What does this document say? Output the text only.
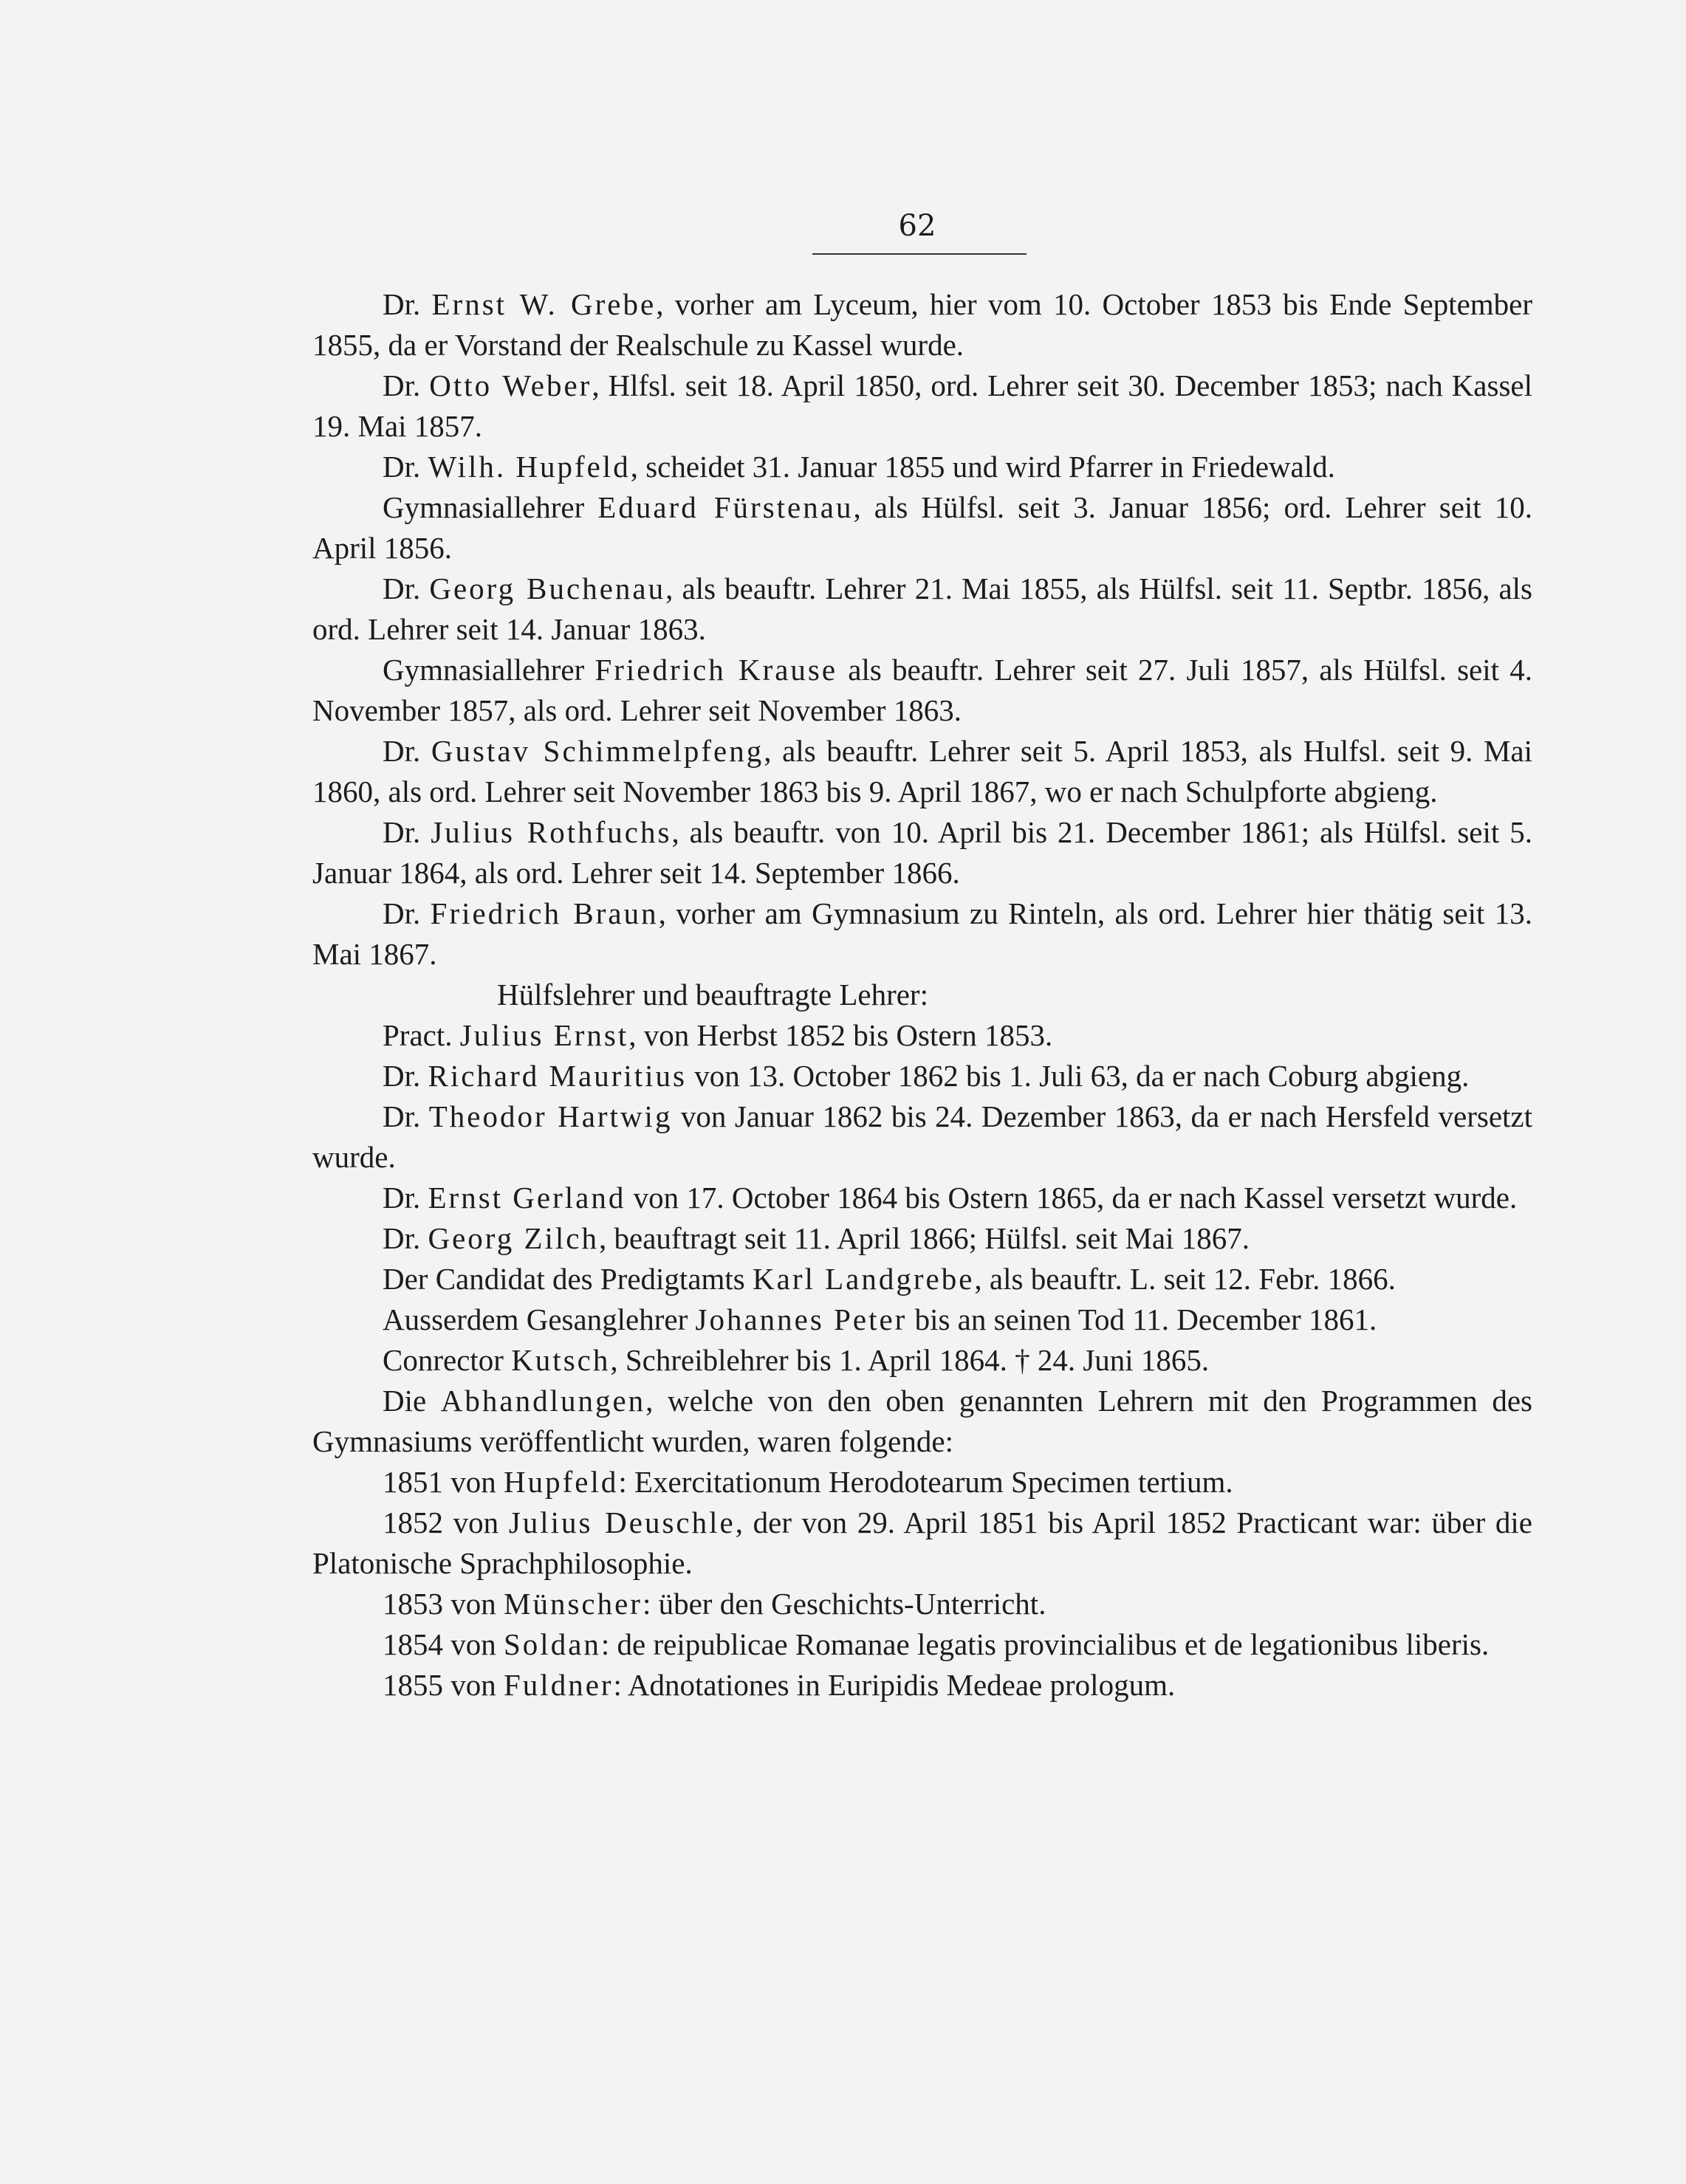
62

Dr. Ernst W. Grebe, vorher am Lyceum, hier vom 10. October 1853 bis Ende September 1855, da er Vorstand der Realschule zu Kassel wurde.

Dr. Otto Weber, Hlfsl. seit 18. April 1850, ord. Lehrer seit 30. December 1853; nach Kassel 19. Mai 1857.

Dr. Wilh. Hupfeld, scheidet 31. Januar 1855 und wird Pfarrer in Friedewald.

Gymnasiallehrer Eduard Fürstenau, als Hülfsl. seit 3. Januar 1856; ord. Lehrer seit 10. April 1856.

Dr. Georg Buchenau, als beauftr. Lehrer 21. Mai 1855, als Hülfsl. seit 11. Septbr. 1856, als ord. Lehrer seit 14. Januar 1863.

Gymnasiallehrer Friedrich Krause als beauftr. Lehrer seit 27. Juli 1857, als Hülfsl. seit 4. November 1857, als ord. Lehrer seit November 1863.

Dr. Gustav Schimmelpfeng, als beauftr. Lehrer seit 5. April 1853, als Hulfsl. seit 9. Mai 1860, als ord. Lehrer seit November 1863 bis 9. April 1867, wo er nach Schulpforte abgieng.

Dr. Julius Rothfuchs, als beauftr. von 10. April bis 21. December 1861; als Hülfsl. seit 5. Januar 1864, als ord. Lehrer seit 14. September 1866.

Dr. Friedrich Braun, vorher am Gymnasium zu Rinteln, als ord. Lehrer hier thätig seit 13. Mai 1867.

Hülfslehrer und beauftragte Lehrer:

Pract. Julius Ernst, von Herbst 1852 bis Ostern 1853.

Dr. Richard Mauritius von 13. October 1862 bis 1. Juli 63, da er nach Coburg abgieng.

Dr. Theodor Hartwig von Januar 1862 bis 24. Dezember 1863, da er nach Hersfeld versetzt wurde.

Dr. Ernst Gerland von 17. October 1864 bis Ostern 1865, da er nach Kassel versetzt wurde.

Dr. Georg Zilch, beauftragt seit 11. April 1866; Hülfsl. seit Mai 1867.

Der Candidat des Predigtamts Karl Landgrebe, als beauftr. L. seit 12. Febr. 1866.

Ausserdem Gesanglehrer Johannes Peter bis an seinen Tod 11. December 1861.

Conrector Kutsch, Schreiblehrer bis 1. April 1864. † 24. Juni 1865.

Die Abhandlungen, welche von den oben genannten Lehrern mit den Programmen des Gymnasiums veröffentlicht wurden, waren folgende:

1851 von Hupfeld: Exercitationum Herodotearum Specimen tertium.

1852 von Julius Deuschle, der von 29. April 1851 bis April 1852 Practicant war: über die Platonische Sprachphilosophie.

1853 von Münscher: über den Geschichts-Unterricht.

1854 von Soldan: de reipublicae Romanae legatis provincialibus et de legationibus liberis.

1855 von Fuldner: Adnotationes in Euripidis Medeae prologum.
